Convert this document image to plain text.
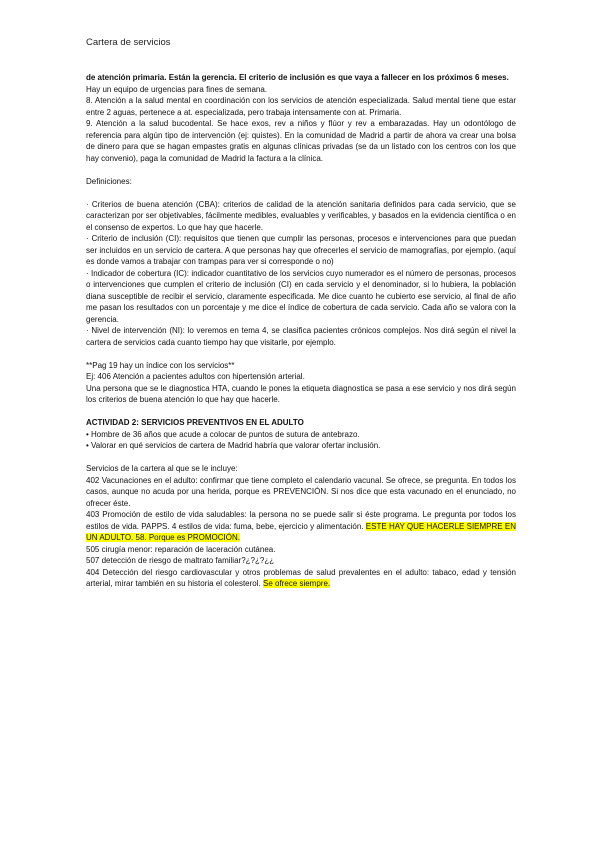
Cartera de servicios

de atención primaria. Están la gerencia. El criterio de inclusión es que vaya a fallecer en los próximos 6 meses.

Hay un equipo de urgencias para fines de semana.

8. Atención a la salud mental en coordinación con los servicios de atención especializada. Salud mental tiene que estar entre 2 aguas, pertenece a at. especializada, pero trabaja intensamente con at. Primaria.

9. Atención a la salud bucodental. Se hace exos, rev a niños y flúor y rev a embarazadas. Hay un odontólogo de referencia para algún tipo de intervención (ej: quistes). En la comunidad de Madrid a partir de ahora va crear una bolsa de dinero para que se hagan empastes gratis en algunas clínicas privadas (se da un listado con los centros con los que hay convenio), paga la comunidad de Madrid la factura a la clínica.

Definiciones:

· Criterios de buena atención (CBA): criterios de calidad de la atención sanitaria definidos para cada servicio, que se caracterizan por ser objetivables, fácilmente medibles, evaluables y verificables, y basados en la evidencia científica o en el consenso de expertos. Lo que hay que hacerle.

· Criterio de inclusión (CI): requisitos que tienen que cumplir las personas, procesos e intervenciones para que puedan ser incluidos en un servicio de cartera. A que personas hay que ofrecerles el servicio de mamografías, por ejemplo. (aquí es donde vamos a trabajar con trampas para ver si corresponde o no)

· Indicador de cobertura (IC): indicador cuantitativo de los servicios cuyo numerador es el número de personas, procesos o intervenciones que cumplen el criterio de inclusión (CI) en cada servicio y el denominador, si lo hubiera, la población diana susceptible de recibir el servicio, claramente especificada. Me dice cuanto he cubierto ese servicio, al final de año me pasan los resultados con un porcentaje y me dice el índice de cobertura de cada servicio. Cada año se valora con la gerencia.

· Nivel de intervención (NI): lo veremos en tema 4, se clasifica pacientes crónicos complejos. Nos dirá según el nivel la cartera de servicios cada cuanto tiempo hay que visitarle, por ejemplo.

**Pag 19 hay un índice con los servicios**

Ej: 406 Atención a pacientes adultos con hipertensión arterial.

Una persona que se le diagnostica HTA, cuando le pones la etiqueta diagnostica se pasa a ese servicio y nos dirá según los criterios de buena atención lo que hay que hacerle.

ACTIVIDAD 2: SERVICIOS PREVENTIVOS EN EL ADULTO

• Hombre de 36 años que acude a colocar de puntos de sutura de antebrazo.

• Valorar en qué servicios de cartera de Madrid habría que valorar ofertar inclusión.

Servicios de la cartera al que se le incluye:

402 Vacunaciones en el adulto: confirmar que tiene completo el calendario vacunal. Se ofrece, se pregunta. En todos los casos, aunque no acuda por una herida, porque es PREVENCIÓN. Si nos dice que esta vacunado en el enunciado, no ofrecer éste.

403 Promoción de estilo de vida saludables: la persona no se puede salir si éste programa. Le pregunta por todos los estilos de vida. PAPPS. 4 estilos de vida: fuma, bebe, ejercicio y alimentación. ESTE HAY QUE HACERLE SIEMPRE EN UN ADULTO. 58. Porque es PROMOCIÓN.

505 cirugía menor: reparación de laceración cutánea.

507 detección de riesgo de maltrato familiar?¿?¿?¿¿

404 Detección del riesgo cardiovascular y otros problemas de salud prevalentes en el adulto: tabaco, edad y tensión arterial, mirar también en su historia el colesterol. Se ofrece siempre.
